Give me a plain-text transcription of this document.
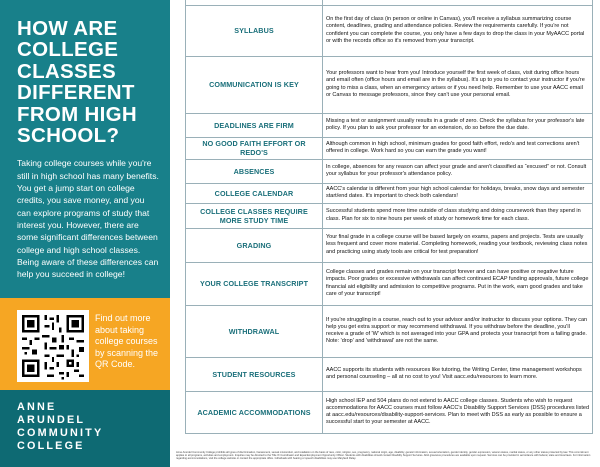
HOW ARE
COLLEGE
CLASSES
DIFFERENT
FROM HIGH
SCHOOL?

Taking college courses while you're still in high school has many benefits. You get a jump start on college credits, you save money, and you can explore programs of study that interest you. However, there are some significant differences between college and high school classes. Being aware of these differences can help you succeed in college!

Find out more about taking college courses by scanning the QR Code.

ANNE
ARUNDEL
COMMUNITY
COLLEGE

SYLLABUS	On the first day of class (in person or online in Canvas), you'll receive a syllabus summarizing course content, deadlines, grading and attendance policies. Review the requirements carefully. If you're not confident you can complete the course, you only have a few days to drop the class in your MyAACC portal or with the records office so it's removed from your transcript.
COMMUNICATION IS KEY	Your professors want to hear from you! Introduce yourself the first week of class, visit during office hours and email often (office hours and email are in the syllabus). It's up to you to contact your instructor if you're going to miss a class, when an emergency arises or if you need help. Remember to use your AACC email or Canvas to message professors, since they can't use your personal email.
DEADLINES ARE FIRM	Missing a test or assignment usually results in a grade of zero. Check the syllabus for your professor's late policy. If you plan to ask your professor for an extension, do so before the due date.
NO GOOD FAITH EFFORT OR REDO'S	Although common in high school, minimum grades for good faith effort, redo's and test corrections aren't offered in college. Work hard so you can earn the grade you want!
ABSENCES	In college, absences for any reason can affect your grade and aren't classified as “excused” or not. Consult your syllabus for your professor's attendance policy.
COLLEGE CALENDAR	AACC's calendar is different from your high school calendar for holidays, breaks, snow days and semester start/end dates. It's important to check both calendars!
COLLEGE CLASSES REQUIRE MORE STUDY TIME	Successful students spend more time outside of class studying and doing coursework than they spend in class. Plan for six to nine hours per week of study or homework time for each class.
GRADING	Your final grade in a college course will be based largely on exams, papers and projects. Tests are usually less frequent and cover more material. Completing homework, reading your textbook, reviewing class notes and practicing using study tools are critical for test preparation!
YOUR COLLEGE TRANSCRIPT	College classes and grades remain on your transcript forever and can have positive or negative future impacts. Poor grades or excessive withdrawals can affect continued ECAP funding approvals, future college financial aid eligibility and admission to competitive programs. Put in the work, earn good grades and take care of your transcript!
WITHDRAWAL	If you're struggling in a course, reach out to your advisor and/or instructor to discuss your options. They can help you get extra support or may recommend withdrawal. If you withdraw before the deadline, you'll receive a grade of 'W' which is not averaged into your GPA and protects your transcript from a failing grade. Note: 'drop' and 'withdrawal' are not the same.
STUDENT RESOURCES	AACC supports its students with resources like tutoring, the Writing Center, time management workshops and personal counseling – all at no cost to you! Visit aacc.edu/resources to learn more.
ACADEMIC ACCOMMODATIONS	High school IEP and 504 plans do not extend to AACC college classes. Students who wish to request accommodations for AACC courses must follow AACC's Disability Support Services (DSS) procedures listed at aacc.edu/resources/disability-support-services. Plan to meet with DSS as early as possible to ensure a successful start to your semester at AACC.

Anne Arundel Community College prohibits all types of discrimination, harassment, sexual misconduct, and retaliation on the basis of race, color, religion, sex, pregnancy, national origin, age, disability, genetic information, sexual orientation, gender identity, gender expression, veteran status, marital status, or any other status protected by law. This commitment applies to all programs, activities and employment. Inquiries may be directed to the Title IX Coordinator and Equal Employment Opportunity Officer. Students with disabilities should contact Disability Support Services. ADA grievance procedures are available upon request. Services can be provided in accordance with federal, state and local laws. For information regarding accommodations, visit the college website or contact the appropriate office. Individuals with hearing or speech disabilities may use Maryland Relay.
